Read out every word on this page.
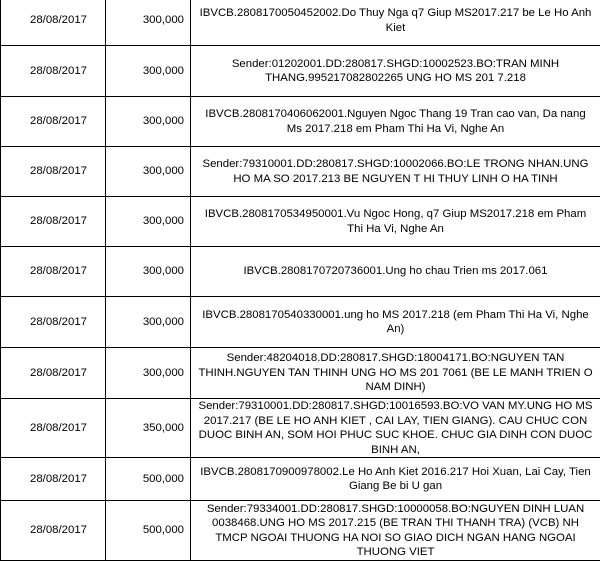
28/08/2017	300,000	IBVCB.2808170050452002.Do Thuy Nga q7 Giup MS2017.217 be Le Ho Anh Kiet
28/08/2017	300,000	Sender:01202001.DD:280817.SHGD:10002523.BO:TRAN MINH THANG.995217082802265 UNG HO MS 201 7.218
28/08/2017	300,000	IBVCB.2808170406062001.Nguyen Ngoc Thang 19 Tran cao van, Da nang Ms 2017.218 em Pham Thi Ha Vi, Nghe An
28/08/2017	300,000	Sender:79310001.DD:280817.SHGD:10002066.BO:LE TRONG NHAN.UNG HO MA SO 2017.213 BE NGUYEN T HI THUY LINH O HA TINH
28/08/2017	300,000	IBVCB.2808170534950001.Vu Ngoc Hong, q7 Giup MS2017.218 em Pham Thi Ha Vi, Nghe An
28/08/2017	300,000	IBVCB.2808170720736001.Ung ho chau Trien ms 2017.061
28/08/2017	300,000	IBVCB.2808170540330001.ung ho MS 2017.218 (em Pham Thi Ha Vi, Nghe An)
28/08/2017	300,000	Sender:48204018.DD:280817.SHGD:18004171.BO:NGUYEN TAN THINH.NGUYEN TAN THINH UNG HO MS 201 7061 (BE LE MANH TRIEN O NAM DINH)
28/08/2017	350,000	Sender:79310001.DD:280817.SHGD:10016593.BO:VO VAN MY.UNG HO MS 2017.217 (BE LE HO ANH KIET , CAI LAY, TIEN GIANG). CAU CHUC CON DUOC BINH AN, SOM HOI PHUC SUC KHOE. CHUC GIA DINH CON DUOC BINH AN,
28/08/2017	500,000	IBVCB.2808170900978002.Le Ho Anh Kiet 2016.217 Hoi Xuan, Lai Cay, Tien Giang Be bi U gan
28/08/2017	500,000	Sender:79334001.DD:280817.SHGD:10000058.BO:NGUYEN DINH LUAN 0038468.UNG HO MS 2017.215 (BE TRAN THI THANH TRA) (VCB) NH TMCP NGOAI THUONG HA NOI SO GIAO DICH NGAN HANG NGOAI THUONG VIET
